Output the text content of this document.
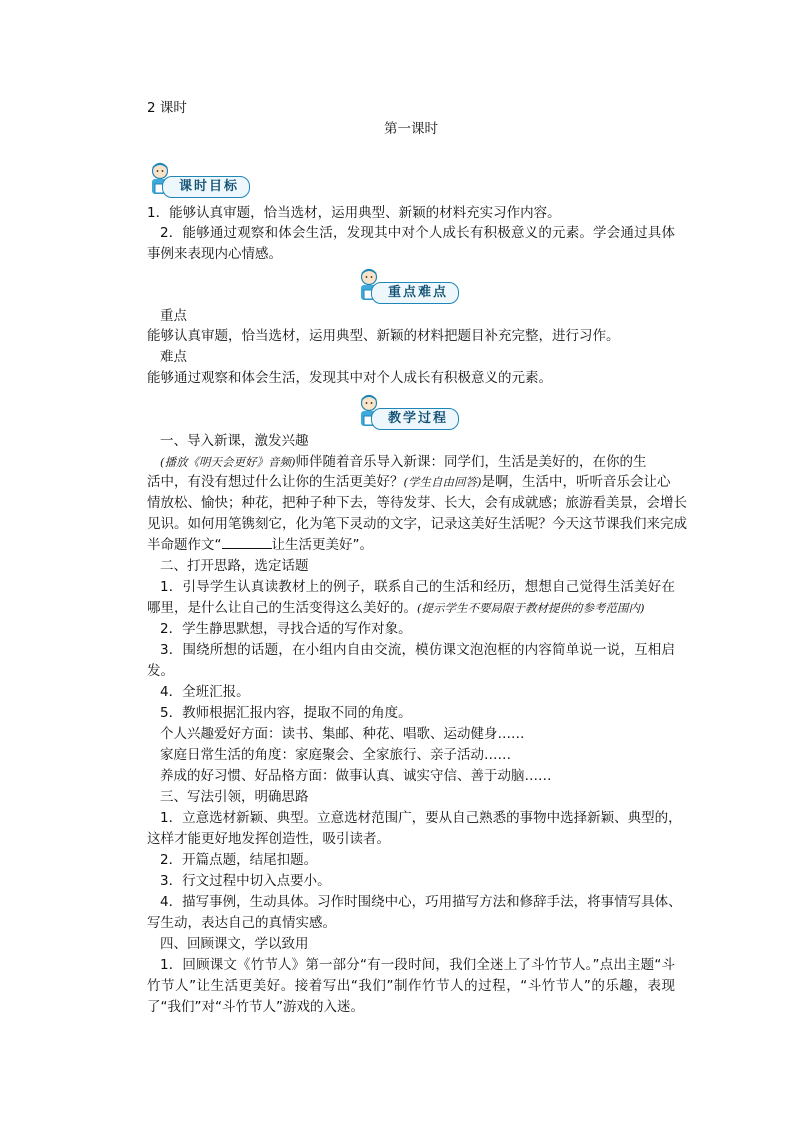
2 课时
第一课时
课时目标
1．能够认真审题，恰当选材，运用典型、新颖的材料充实习作内容。
2．能够通过观察和体会生活，发现其中对个人成长有积极意义的元素。学会通过具体
事例来表现内心情感。
重点难点
重点
能够认真审题，恰当选材，运用典型、新颖的材料把题目补充完整，进行习作。
难点
能够通过观察和体会生活，发现其中对个人成长有积极意义的元素。
教学过程
一、导入新课，激发兴趣
(播放《明天会更好》音频)师伴随着音乐导入新课：同学们，生活是美好的，在你的生
活中，有没有想过什么让你的生活更美好？(学生自由回答)是啊，生活中，听听音乐会让心
情放松、愉快；种花，把种子种下去，等待发芽、长大，会有成就感；旅游看美景，会增长
见识。如何用笔镌刻它，化为笔下灵动的文字，记录这美好生活呢？今天这节课我们来完成
半命题作文“	让生活更美好”。
二、打开思路，选定话题
1．引导学生认真读教材上的例子，联系自己的生活和经历，想想自己觉得生活美好在
哪里，是什么让自己的生活变得这么美好的。(提示学生不要局限于教材提供的参考范围内)
2．学生静思默想，寻找合适的写作对象。
3．围绕所想的话题，在小组内自由交流，模仿课文泡泡框的内容简单说一说，互相启
发。
4．全班汇报。
5．教师根据汇报内容，提取不同的角度。
个人兴趣爱好方面：读书、集邮、种花、唱歌、运动健身……
家庭日常生活的角度：家庭聚会、全家旅行、亲子活动……
养成的好习惯、好品格方面：做事认真、诚实守信、善于动脑……
三、写法引领，明确思路
1．立意选材新颖、典型。立意选材范围广，要从自己熟悉的事物中选择新颖、典型的，
这样才能更好地发挥创造性，吸引读者。
2．开篇点题，结尾扣题。
3．行文过程中切入点要小。
4．描写事例，生动具体。习作时围绕中心，巧用描写方法和修辞手法，将事情写具体、
写生动，表达自己的真情实感。
四、回顾课文，学以致用
1．回顾课文《竹节人》第一部分“有一段时间，我们全迷上了斗竹节人。”点出主题“斗
竹节人”让生活更美好。接着写出“我们”制作竹节人的过程，“斗竹节人”的乐趣，表现
了“我们”对“斗竹节人”游戏的入迷。
